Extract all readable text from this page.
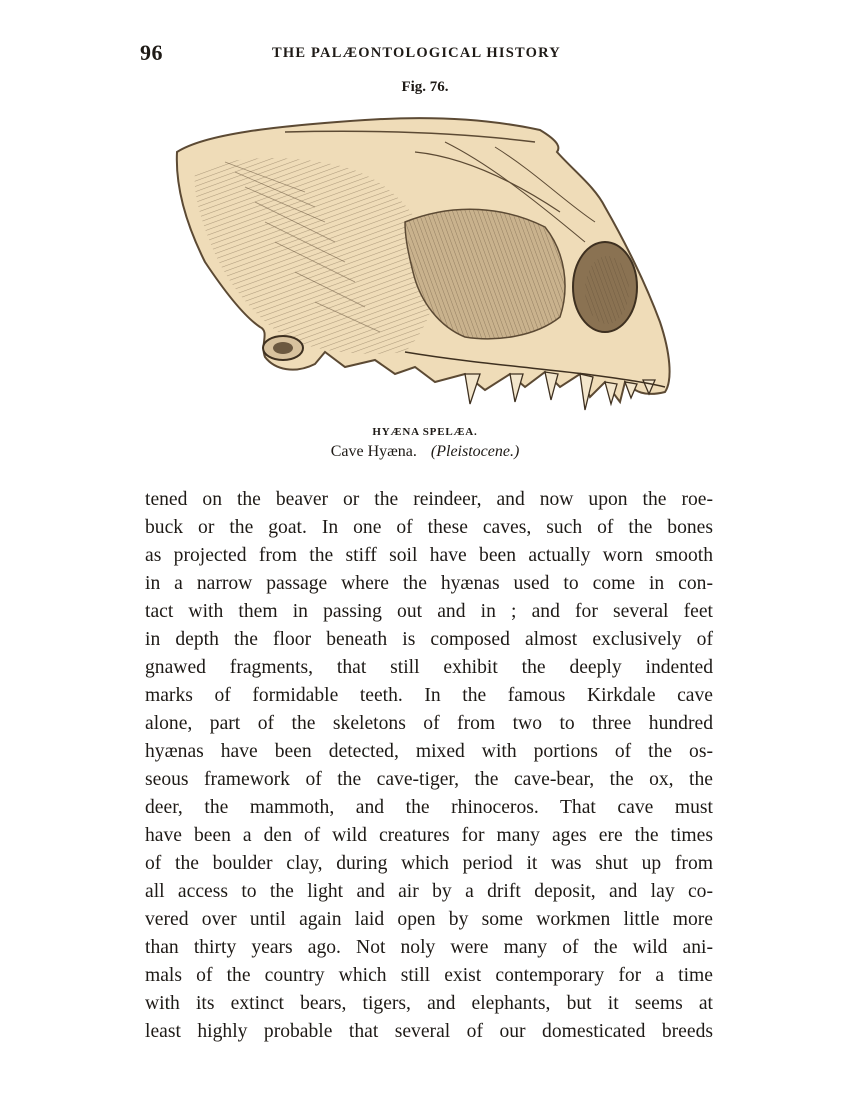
96	THE PALÆONTOLOGICAL HISTORY
Fig. 76.
HYÆNA SPELÆA.
Cave Hyæna. (Pleistocene.)
tened on the beaver or the reindeer, and now upon the roe-
buck or the goat. In one of these caves, such of the bones
as projected from the stiff soil have been actually worn smooth
in a narrow passage where the hyænas used to come in con-
tact with them in passing out and in ; and for several feet
in depth the floor beneath is composed almost exclusively of
gnawed fragments, that still exhibit the deeply indented
marks of formidable teeth. In the famous Kirkdale cave
alone, part of the skeletons of from two to three hundred
hyænas have been detected, mixed with portions of the os-
seous framework of the cave-tiger, the cave-bear, the ox, the
deer, the mammoth, and the rhinoceros. That cave must
have been a den of wild creatures for many ages ere the times
of the boulder clay, during which period it was shut up from
all access to the light and air by a drift deposit, and lay co-
vered over until again laid open by some workmen little more
than thirty years ago. Not noly were many of the wild ani-
mals of the country which still exist contemporary for a time
with its extinct bears, tigers, and elephants, but it seems at
least highly probable that several of our domesticated breeds
